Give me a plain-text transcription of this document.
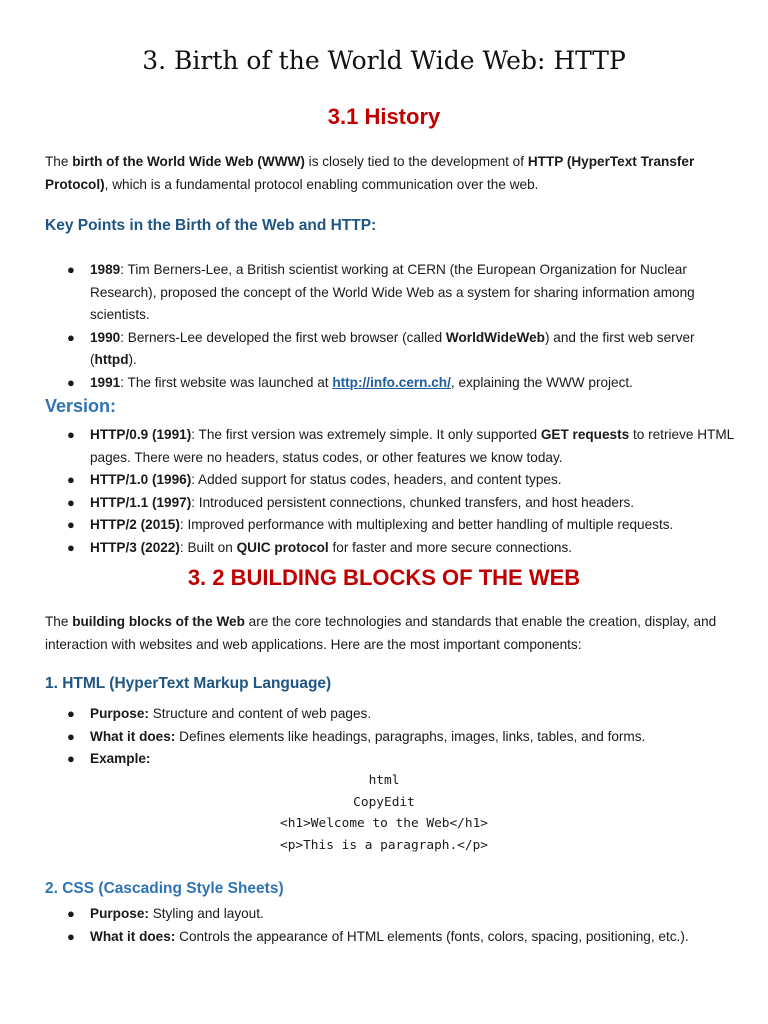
3. Birth of the World Wide Web: HTTP
3.1 History

The birth of the World Wide Web (WWW) is closely tied to the development of HTTP (HyperText Transfer Protocol), which is a fundamental protocol enabling communication over the web.

Key Points in the Birth of the Web and HTTP:
● 1989: Tim Berners-Lee, a British scientist working at CERN (the European Organization for Nuclear Research), proposed the concept of the World Wide Web as a system for sharing information among scientists.
● 1990: Berners-Lee developed the first web browser (called WorldWideWeb) and the first web server (httpd).
● 1991: The first website was launched at http://info.cern.ch/, explaining the WWW project.
Version:
● HTTP/0.9 (1991): The first version was extremely simple. It only supported GET requests to retrieve HTML pages. There were no headers, status codes, or other features we know today.
● HTTP/1.0 (1996): Added support for status codes, headers, and content types.
● HTTP/1.1 (1997): Introduced persistent connections, chunked transfers, and host headers.
● HTTP/2 (2015): Improved performance with multiplexing and better handling of multiple requests.
● HTTP/3 (2022): Built on QUIC protocol for faster and more secure connections.
3. 2 BUILDING BLOCKS OF THE WEB

The building blocks of the Web are the core technologies and standards that enable the creation, display, and interaction with websites and web applications. Here are the most important components:

1. HTML (HyperText Markup Language)
● Purpose: Structure and content of web pages.
● What it does: Defines elements like headings, paragraphs, images, links, tables, and forms.
● Example:
html
CopyEdit
<h1>Welcome to the Web</h1>
<p>This is a paragraph.</p>
2. CSS (Cascading Style Sheets)
● Purpose: Styling and layout.
● What it does: Controls the appearance of HTML elements (fonts, colors, spacing, positioning, etc.).
